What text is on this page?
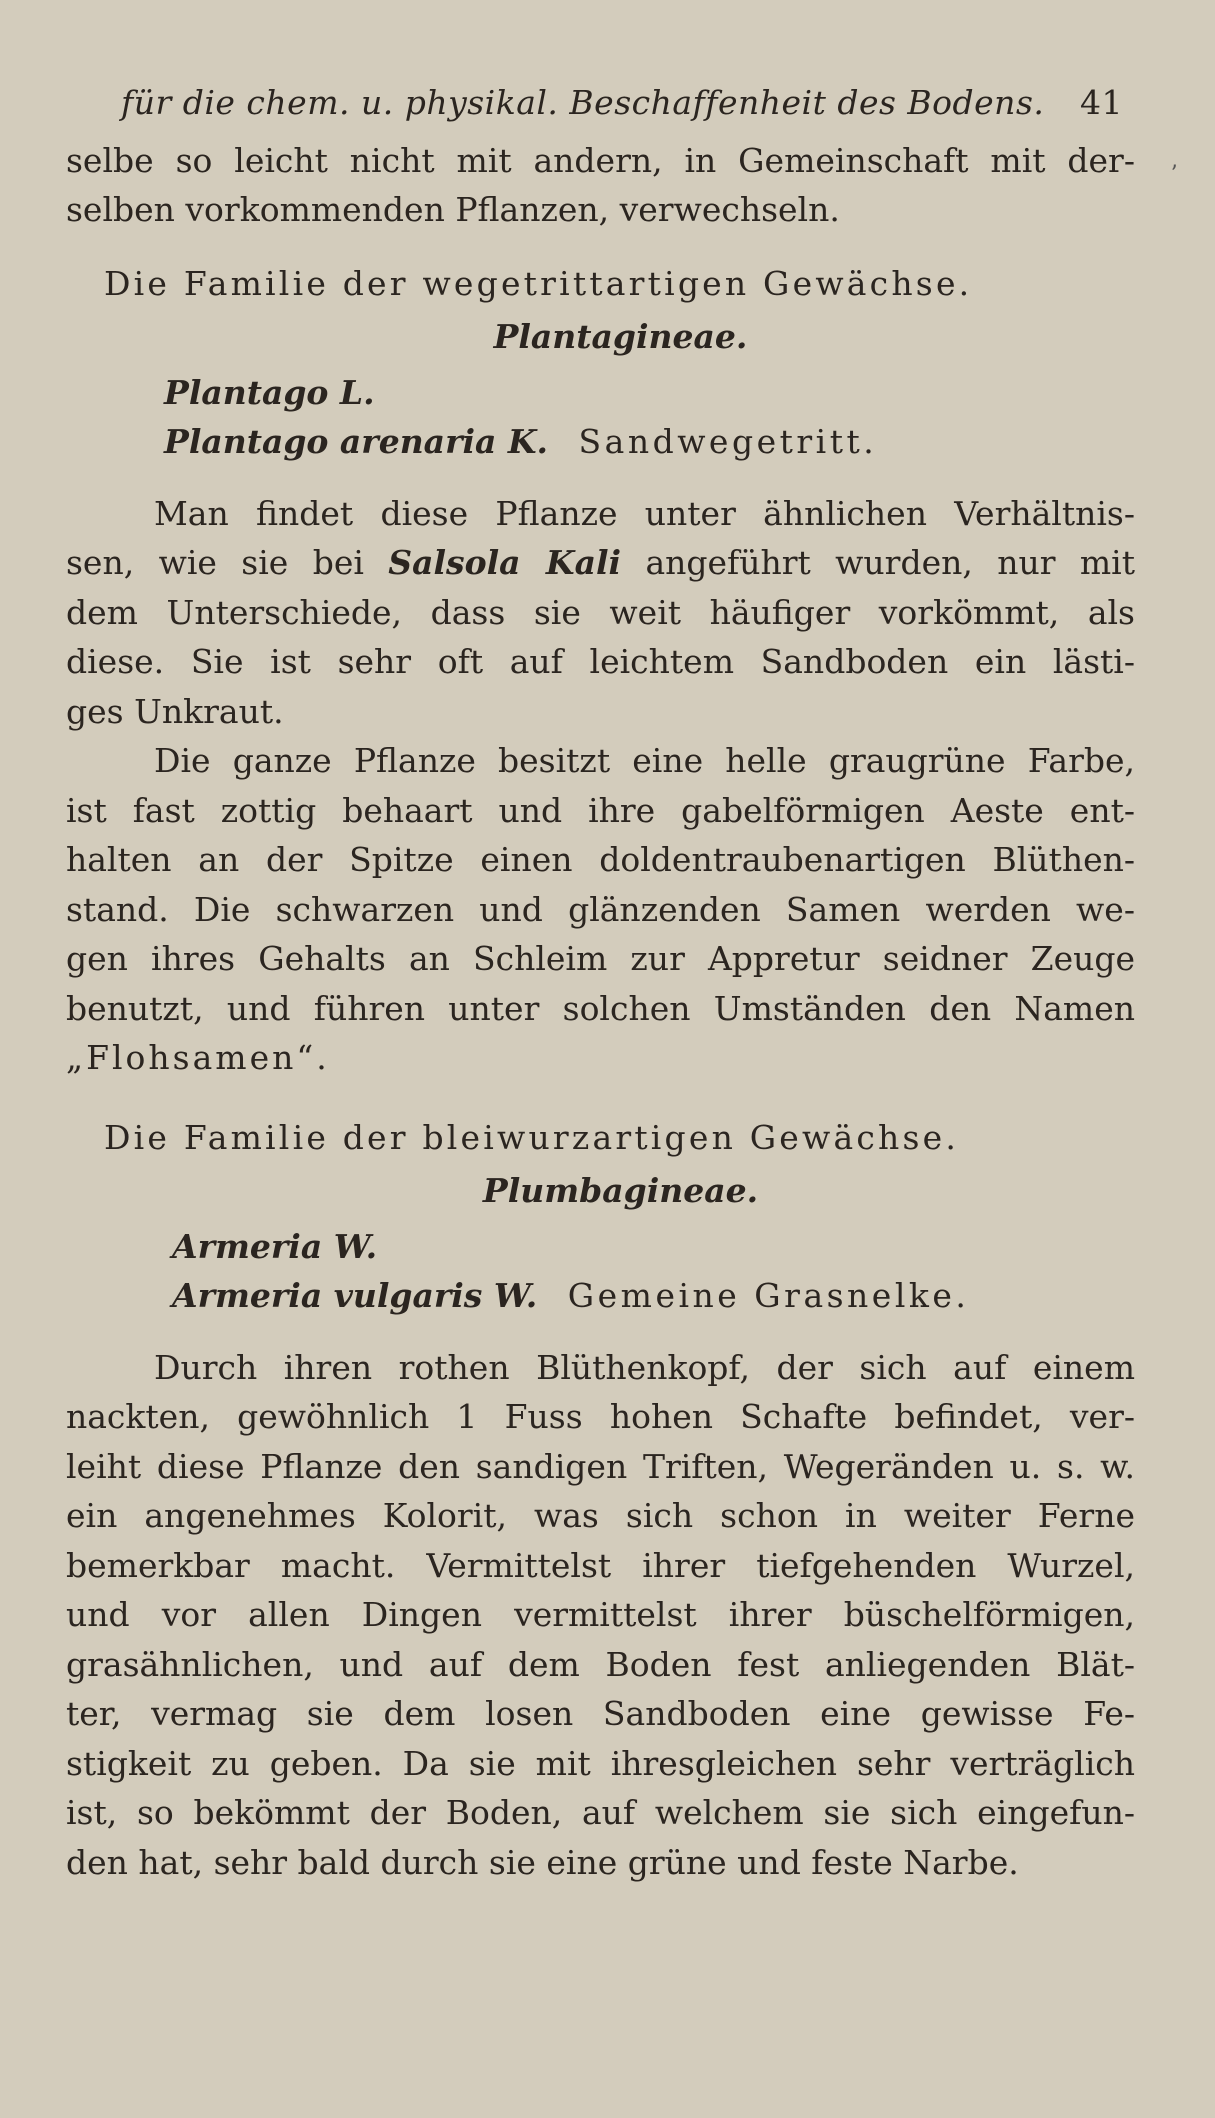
ʼ
für die chem. u. physikal. Beschaffenheit des Bodens. 41
selbe so leicht nicht mit andern, in Gemeinschaft mit der-
selben vorkommenden Pflanzen, verwechseln.
Die Familie der wegetrittartigen Gewächse.
Plantagineae.
Plantago L.
Plantago arenaria K. Sandwegetritt.
Man findet diese Pflanze unter ähnlichen Verhältnis-
sen, wie sie bei Salsola Kali angeführt wurden, nur mit
dem Unterschiede, dass sie weit häufiger vorkömmt, als
diese. Sie ist sehr oft auf leichtem Sandboden ein lästi-
ges Unkraut.
Die ganze Pflanze besitzt eine helle graugrüne Farbe,
ist fast zottig behaart und ihre gabelförmigen Aeste ent-
halten an der Spitze einen doldentraubenartigen Blüthen-
stand. Die schwarzen und glänzenden Samen werden we-
gen ihres Gehalts an Schleim zur Appretur seidner Zeuge
benutzt, und führen unter solchen Umständen den Namen
„Flohsamen“.
Die Familie der bleiwurzartigen Gewächse.
Plumbagineae.
Armeria W.
Armeria vulgaris W. Gemeine Grasnelke.
Durch ihren rothen Blüthenkopf, der sich auf einem
nackten, gewöhnlich 1 Fuss hohen Schafte befindet, ver-
leiht diese Pflanze den sandigen Triften, Wegeränden u. s. w.
ein angenehmes Kolorit, was sich schon in weiter Ferne
bemerkbar macht. Vermittelst ihrer tiefgehenden Wurzel,
und vor allen Dingen vermittelst ihrer büschelförmigen,
grasähnlichen, und auf dem Boden fest anliegenden Blät-
ter, vermag sie dem losen Sandboden eine gewisse Fe-
stigkeit zu geben. Da sie mit ihresgleichen sehr verträglich
ist, so bekömmt der Boden, auf welchem sie sich eingefun-
den hat, sehr bald durch sie eine grüne und feste Narbe.
